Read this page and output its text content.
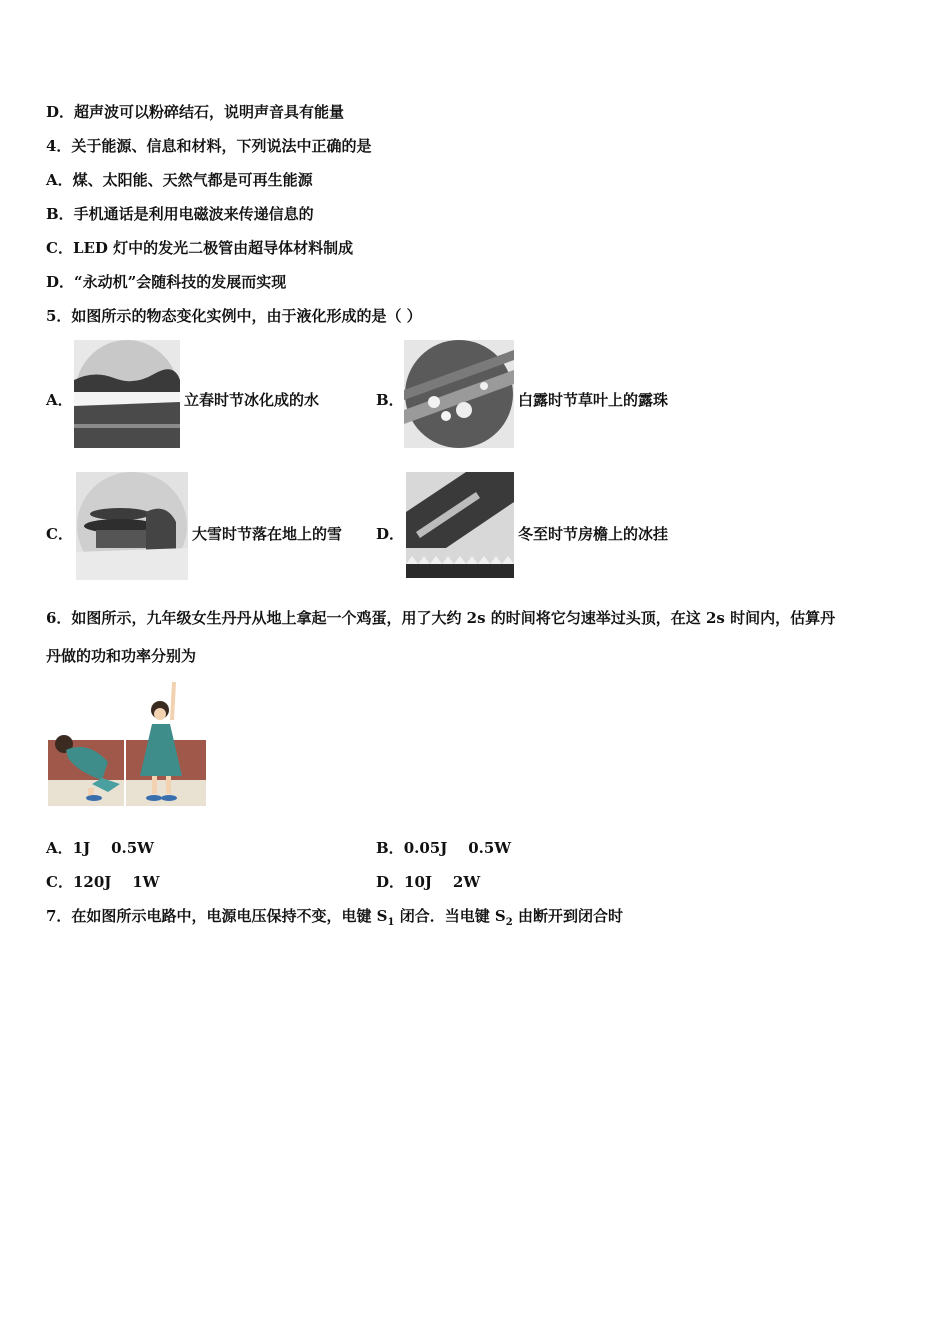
D．超声波可以粉碎结石，说明声音具有能量
4．关于能源、信息和材料，下列说法中正确的是
A．煤、太阳能、天然气都是可再生能源
B．手机通话是利用电磁波来传递信息的
C．LED 灯中的发光二极管由超导体材料制成
D．“永动机”会随科技的发展而实现
5．如图所示的物态变化实例中，由于液化形成的是（ ）
A．	立春时节冰化成的水	B．	白露时节草叶上的露珠
C．	大雪时节落在地上的雪 D．	冬至时节房檐上的冰挂
6．如图所示，九年级女生丹丹从地上拿起一个鸡蛋，用了大约 2s 的时间将它匀速举过头顶，在这 2s 时间内，估算丹
丹做的功和功率分别为
A．1J    0.5W	B．0.05J    0.5W
C．120J    1W	D．10J    2W
7．在如图所示电路中，电源电压保持不变，电键 $S_1$ 闭合．当电键 $S_2$ 由断开到闭合时
